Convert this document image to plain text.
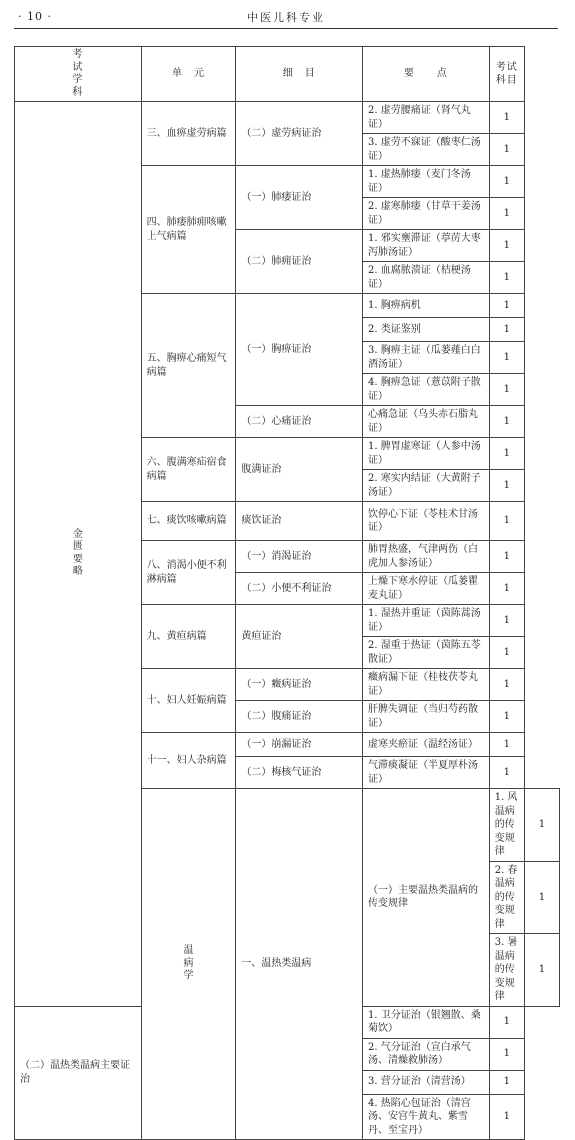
· 10 ·	中医儿科专业
考试学科	单　元	细　目	要　　点	考试科目	
金匮要略	三、血痹虚劳病篇	（二）虚劳病证治	2. 虚劳腰痛证（肾气丸证）	1	
			3. 虚劳不寐证（酸枣仁汤证）	1	
	四、肺痿肺痈咳嗽上气病篇	（一）肺痿证治	1. 虚热肺痿（麦门冬汤证）	1	
			2. 虚寒肺痿（甘草干姜汤证）	1	
		（二）肺痈证治	1. 邪实壅滞证（葶苈大枣泻肺汤证）	1	
			2. 血腐脓溃证（桔梗汤证）	1	
	五、胸痹心痛短气病篇	（一）胸痹证治	1. 胸痹病机	1	
			2. 类证鉴别	1	
			3. 胸痹主证（瓜蒌薤白白酒汤证）	1	
			4. 胸痹急证（薏苡附子散证）	1	
		（二）心痛证治	心痛急证（乌头赤石脂丸证）	1	
	六、腹满寒疝宿食病篇	腹满证治	1. 脾胃虚寒证（人参中汤证）	1	
			2. 寒实内结证（大黄附子汤证）	1	
	七、痰饮咳嗽病篇	痰饮证治	饮停心下证（苓桂术甘汤证）	1	
	八、消渴小便不利淋病篇	（一）消渴证治	肺胃热盛，气津两伤（白虎加人参汤证）	1	
		（二）小便不利证治	上燥下寒水停证（瓜蒌瞿麦丸证）	1	
	九、黄疸病篇	黄疸证治	1. 湿热并重证（茵陈蒿汤证）	1	
			2. 湿重于热证（茵陈五苓散证）	1	
	十、妇人妊娠病篇	（一）癥病证治	癥病漏下证（桂枝茯苓丸证）	1	
		（二）腹痛证治	肝脾失调证（当归芍药散证）	1	
	十一、妇人杂病篇	（一）崩漏证治	虚寒夹瘀证（温经汤证）	1	
		（二）梅核气证治	气滞痰凝证（半夏厚朴汤证）	1	
	温病学	一、温热类温病	（一）主要温热类温病的传变规律	1. 风温病的传变规律	1
				2. 春温病的传变规律	1
				3. 暑温病的传变规律	1
（二）温热类温病主要证治			1. 卫分证治（银翘散、桑菊饮）	1	
			2. 气分证治（宣白承气汤、清燥救肺汤）	1	
			3. 营分证治（清营汤）	1	
			4. 热陷心包证治（清宫汤、安宫牛黄丸、紫雪丹、至宝丹）	1	
